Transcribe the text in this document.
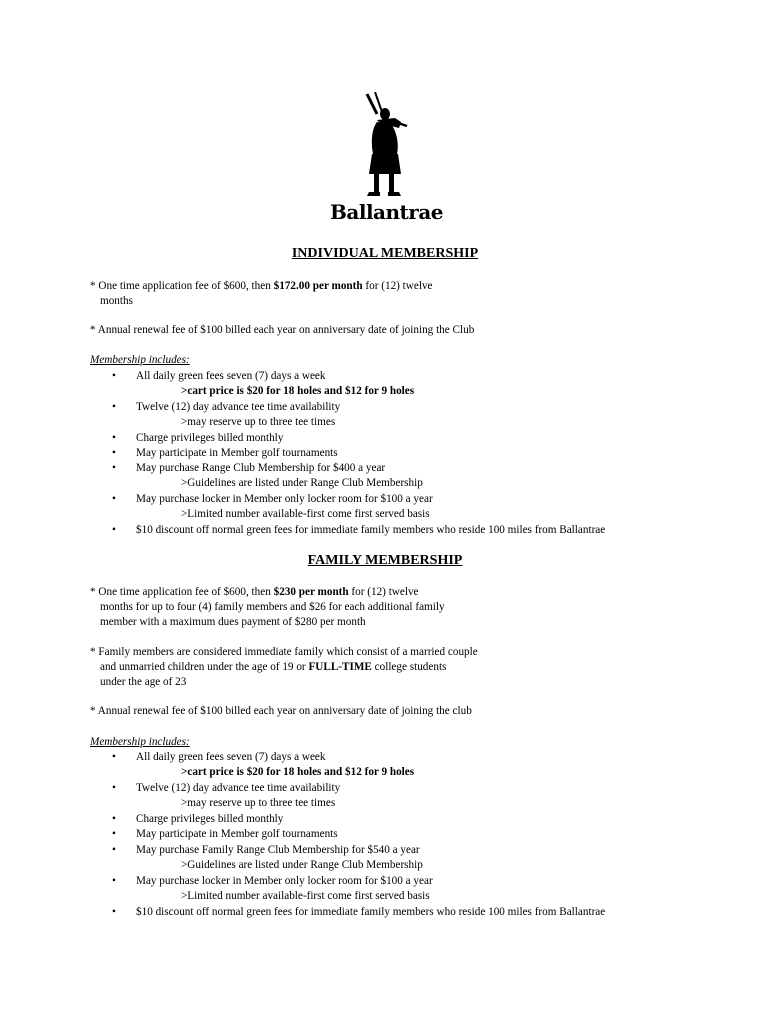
Ballantrae
INDIVIDUAL MEMBERSHIP
* One time application fee of $600, then $172.00 per month for (12) twelve
months
* Annual renewal fee of $100 billed each year on anniversary date of joining the Club
Membership includes:
• All daily green fees seven (7) days a week
>cart price is $20 for 18 holes and $12 for 9 holes
• Twelve (12) day advance tee time availability
>may reserve up to three tee times
• Charge privileges billed monthly
• May participate in Member golf tournaments
• May purchase Range Club Membership for $400 a year
>Guidelines are listed under Range Club Membership
• May purchase locker in Member only locker room for $100 a year
>Limited number available-first come first served basis
• $10 discount off normal green fees for immediate family members who reside 100 miles from Ballantrae
FAMILY MEMBERSHIP
* One time application fee of $600, then $230 per month for (12) twelve
months for up to four (4) family members and $26 for each additional family
member with a maximum dues payment of $280 per month
* Family members are considered immediate family which consist of a married couple
and unmarried children under the age of 19 or FULL-TIME college students
under the age of 23
* Annual renewal fee of $100 billed each year on anniversary date of joining the club
Membership includes:
• All daily green fees seven (7) days a week
>cart price is $20 for 18 holes and $12 for 9 holes
• Twelve (12) day advance tee time availability
>may reserve up to three tee times
• Charge privileges billed monthly
• May participate in Member golf tournaments
• May purchase Family Range Club Membership for $540 a year
>Guidelines are listed under Range Club Membership
• May purchase locker in Member only locker room for $100 a year
>Limited number available-first come first served basis
• $10 discount off normal green fees for immediate family members who reside 100 miles from Ballantrae
